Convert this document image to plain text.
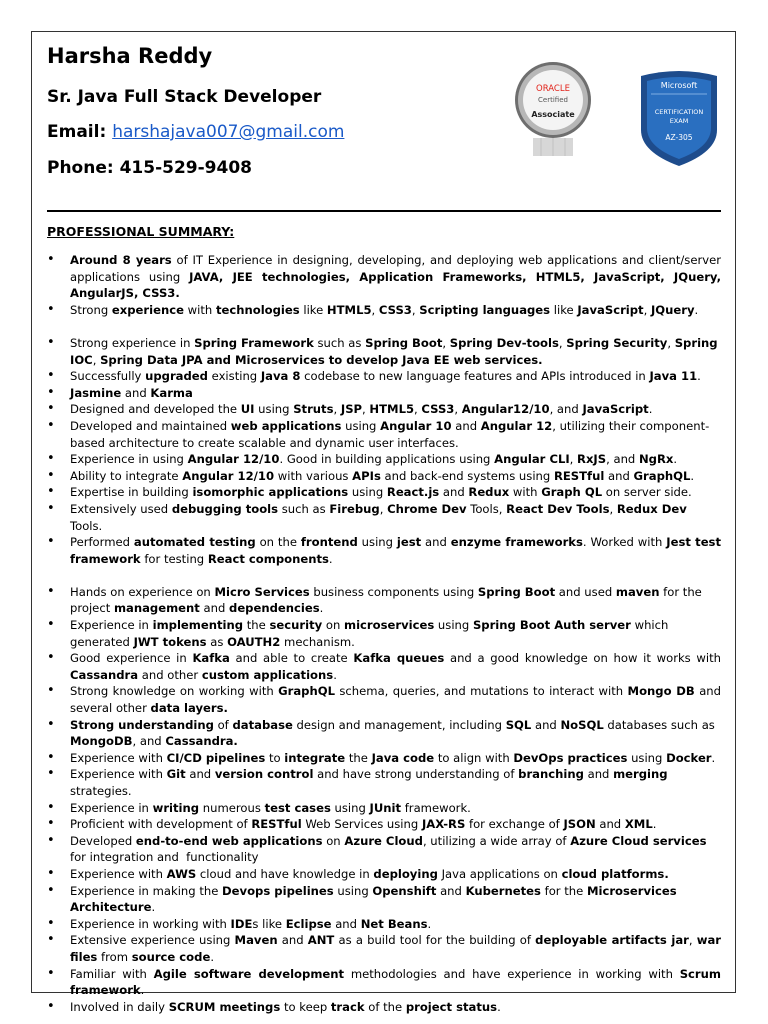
Harsha Reddy
Sr. Java Full Stack Developer
Email: harshajava007@gmail.com
Phone: 415-529-9408
ORACLE
Certified
Associate
Microsoft
CERTIFICATION
EXAM
AZ-305
PROFESSIONAL SUMMARY:
• Around 8 years of IT Experience in designing, developing, and deploying web applications and client/server applications using JAVA, JEE technologies, Application Frameworks, HTML5, JavaScript, JQuery, AngularJS, CSS3.
• Strong experience with technologies like HTML5, CSS3, Scripting languages like JavaScript, JQuery.
• Strong experience in Spring Framework such as Spring Boot, Spring Dev-tools, Spring Security, Spring IOC, Spring Data JPA and Microservices to develop Java EE web services.
• Successfully upgraded existing Java 8 codebase to new language features and APIs introduced in Java 11.
• Jasmine and Karma
• Designed and developed the UI using Struts, JSP, HTML5, CSS3, Angular12/10, and JavaScript.
• Developed and maintained web applications using Angular 10 and Angular 12, utilizing their component-based architecture to create scalable and dynamic user interfaces.
• Experience in using Angular 12/10. Good in building applications using Angular CLI, RxJS, and NgRx.
• Ability to integrate Angular 12/10 with various APIs and back-end systems using RESTful and GraphQL.
• Expertise in building isomorphic applications using React.js and Redux with Graph QL on server side.
• Extensively used debugging tools such as Firebug, Chrome Dev Tools, React Dev Tools, Redux Dev Tools.
• Performed automated testing on the frontend using jest and enzyme frameworks. Worked with Jest test framework for testing React components.
• Hands on experience on Micro Services business components using Spring Boot and used maven for the project management and dependencies.
• Experience in implementing the security on microservices using Spring Boot Auth server which generated JWT tokens as OAUTH2 mechanism.
• Good experience in Kafka and able to create Kafka queues and a good knowledge on how it works with Cassandra and other custom applications.
• Strong knowledge on working with GraphQL schema, queries, and mutations to interact with Mongo DB and several other data layers.
• Strong understanding of database design and management, including SQL and NoSQL databases such as MongoDB, and Cassandra.
• Experience with CI/CD pipelines to integrate the Java code to align with DevOps practices using Docker.
• Experience with Git and version control and have strong understanding of branching and merging strategies.
• Experience in writing numerous test cases using JUnit framework.
• Proficient with development of RESTful Web Services using JAX-RS for exchange of JSON and XML.
• Developed end-to-end web applications on Azure Cloud, utilizing a wide array of Azure Cloud services for integration and  functionality
• Experience with AWS cloud and have knowledge in deploying Java applications on cloud platforms.
• Experience in making the Devops pipelines using Openshift and Kubernetes for the Microservices Architecture.
• Experience in working with IDEs like Eclipse and Net Beans.
• Extensive experience using Maven and ANT as a build tool for the building of deployable artifacts jar, war files from source code.
• Familiar with Agile software development methodologies and have experience in working with Scrum framework.
• Involved in daily SCRUM meetings to keep track of the project status.
